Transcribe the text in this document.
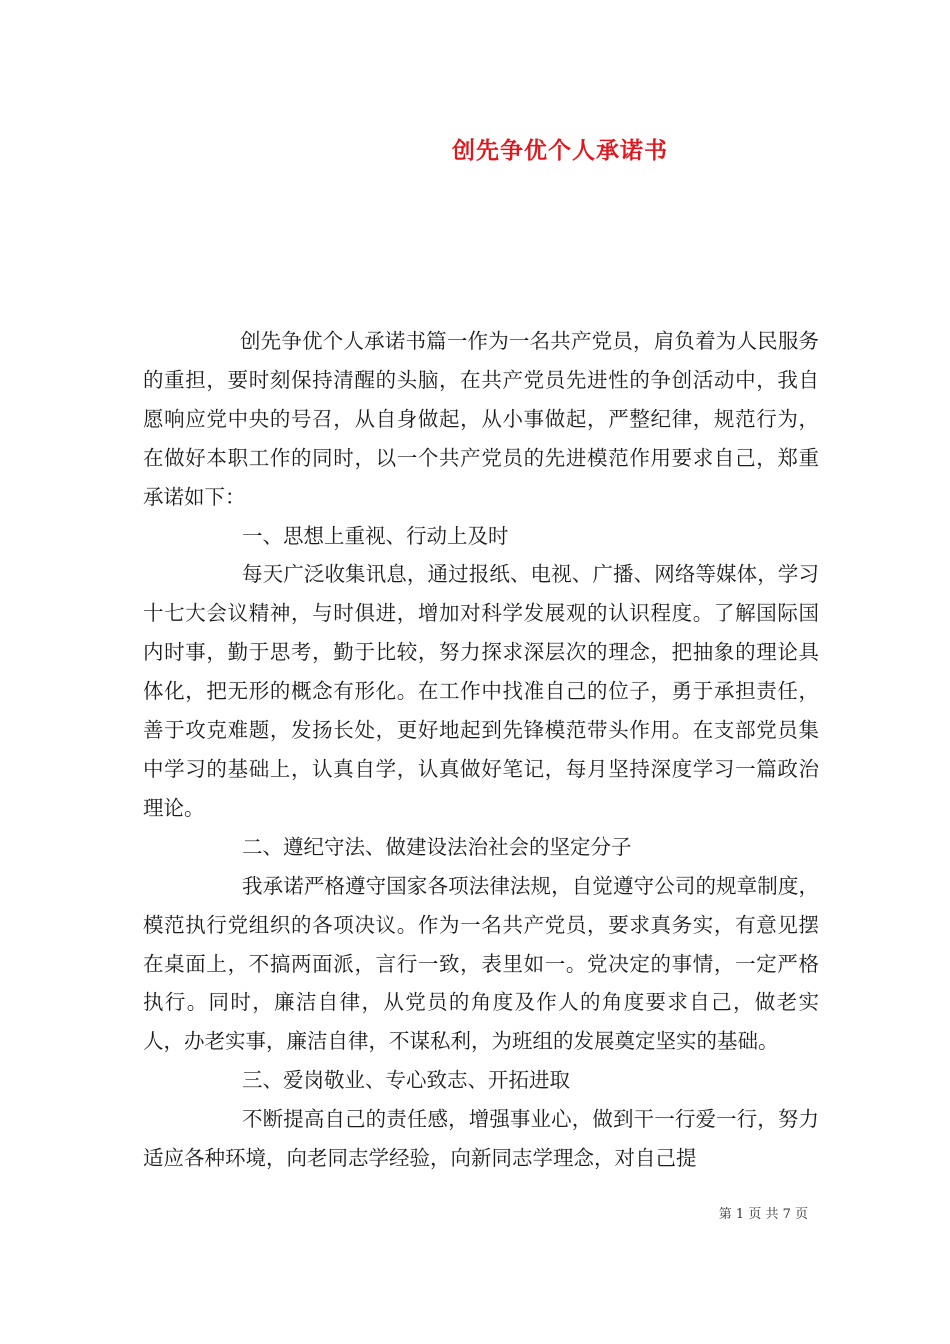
创先争优个人承诺书

创先争优个人承诺书篇一作为一名共产党员，肩负着为人民服务的重担，要时刻保持清醒的头脑，在共产党员先进性的争创活动中，我自愿响应党中央的号召，从自身做起，从小事做起，严整纪律，规范行为，在做好本职工作的同时，以一个共产党员的先进模范作用要求自己，郑重承诺如下：

一、思想上重视、行动上及时

每天广泛收集讯息，通过报纸、电视、广播、网络等媒体，学习十七大会议精神，与时俱进，增加对科学发展观的认识程度。了解国际国内时事，勤于思考，勤于比较，努力探求深层次的理念，把抽象的理论具体化，把无形的概念有形化。在工作中找准自己的位子，勇于承担责任，善于攻克难题，发扬长处，更好地起到先锋模范带头作用。在支部党员集中学习的基础上，认真自学，认真做好笔记，每月坚持深度学习一篇政治理论。

二、遵纪守法、做建设法治社会的坚定分子

我承诺严格遵守国家各项法律法规，自觉遵守公司的规章制度，模范执行党组织的各项决议。作为一名共产党员，要求真务实，有意见摆在桌面上，不搞两面派，言行一致，表里如一。党决定的事情，一定严格执行。同时，廉洁自律，从党员的角度及作人的角度要求自己，做老实人，办老实事，廉洁自律，不谋私利，为班组的发展奠定坚实的基础。

三、爱岗敬业、专心致志、开拓进取

不断提高自己的责任感，增强事业心，做到干一行爱一行，努力适应各种环境，向老同志学经验，向新同志学理念，对自己提

第 1 页 共 7 页
